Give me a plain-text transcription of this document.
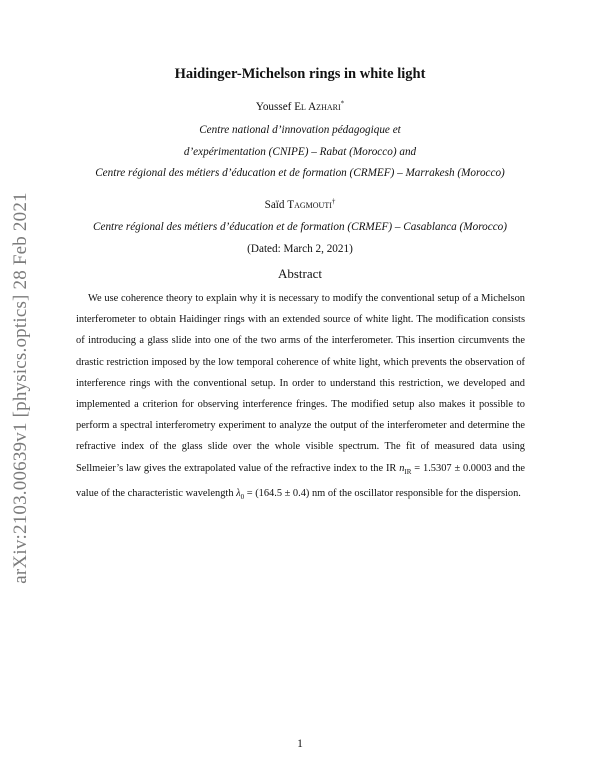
arXiv:2103.00639v1 [physics.optics] 28 Feb 2021
Haidinger-Michelson rings in white light
Youssef El Azhari*
Centre national d’innovation pédagogique et
d’expérimentation (CNIPE) – Rabat (Morocco) and
Centre régional des métiers d’éducation et de formation (CRMEF) – Marrakesh (Morocco)
Saïd Tagmouti†
Centre régional des métiers d’éducation et de formation (CRMEF) – Casablanca (Morocco)
(Dated: March 2, 2021)
Abstract
We use coherence theory to explain why it is necessary to modify the conventional setup of a Michelson interferometer to obtain Haidinger rings with an extended source of white light. The modification consists of introducing a glass slide into one of the two arms of the interferometer. This insertion circumvents the drastic restriction imposed by the low temporal coherence of white light, which prevents the observation of interference rings with the conventional setup. In order to understand this restriction, we developed and implemented a criterion for observing interference fringes. The modified setup also makes it possible to perform a spectral interferometry experiment to analyze the output of the interferometer and determine the refractive index of the glass slide over the whole visible spectrum. The fit of measured data using Sellmeier’s law gives the extrapolated value of the refractive index to the IR $n_{IR} = 1.5307 \pm 0.0003$ and the value of the characteristic wavelength $\lambda_0 = (164.5 \pm 0.4)$ nm of the oscillator responsible for the dispersion.
1
